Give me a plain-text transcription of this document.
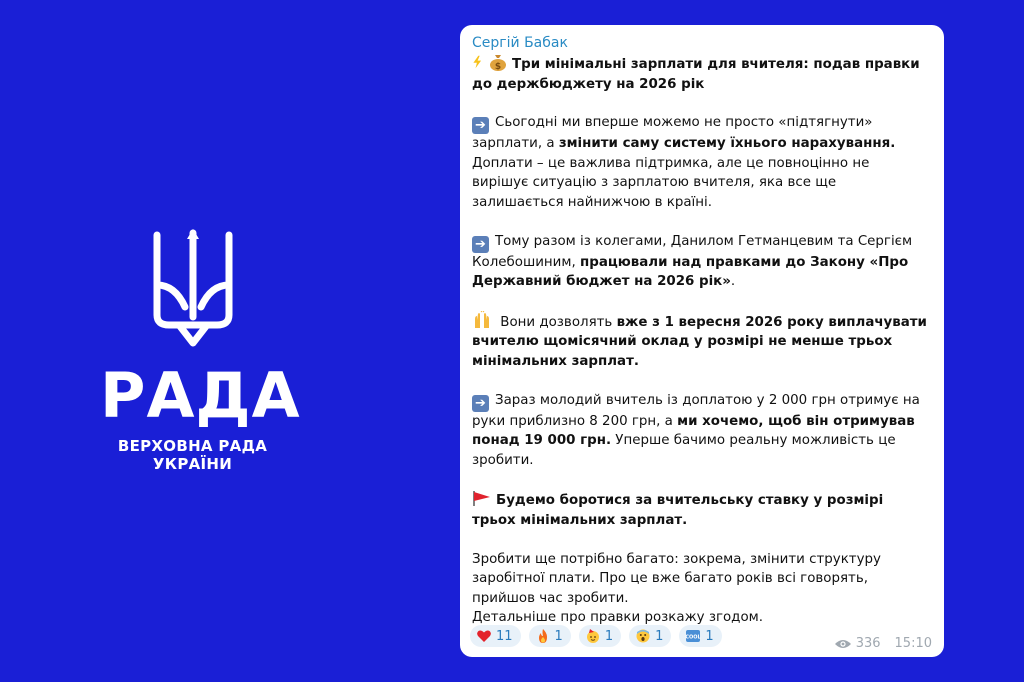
РАДА
ВЕРХОВНА РАДА
УКРАЇНИ
Сергій Бабак
$ Три мінімальні зарплати для вчителя: подав правки до держбюджету на 2026 рік
➔ Сьогодні ми вперше можемо не просто «підтягнути» зарплати, а змінити саму систему їхнього нарахування. Доплати – це важлива підтримка, але це повноцінно не вирішує ситуацію з зарплатою вчителя, яка все ще залишається найнижчою в країні.
➔ Тому разом із колегами, Данилом Гетманцевим та Сергієм Колебошиним, працювали над правками до Закону «Про Державний бюджет на 2026 рік».
Вони дозволять вже з 1 вересня 2026 року виплачувати вчителю щомісячний оклад у розмірі не менше трьох мінімальних зарплат.
➔ Зараз молодий вчитель із доплатою у 2 000 грн отримує на руки приблизно 8 200 грн, а ми хочемо, щоб він отримував понад 19 000 грн. Уперше бачимо реальну можливість це зробити.
Будемо боротися за вчительську ставку у розмірі трьох мінімальних зарплат.
Зробити ще потрібно багато: зокрема, змінити структуру заробітної плати. Про це вже багато років всі говорять, прийшов час зробити.
Детальніше про правки розкажу згодом.
11	1	1	1	COOL 1	336 15:10
